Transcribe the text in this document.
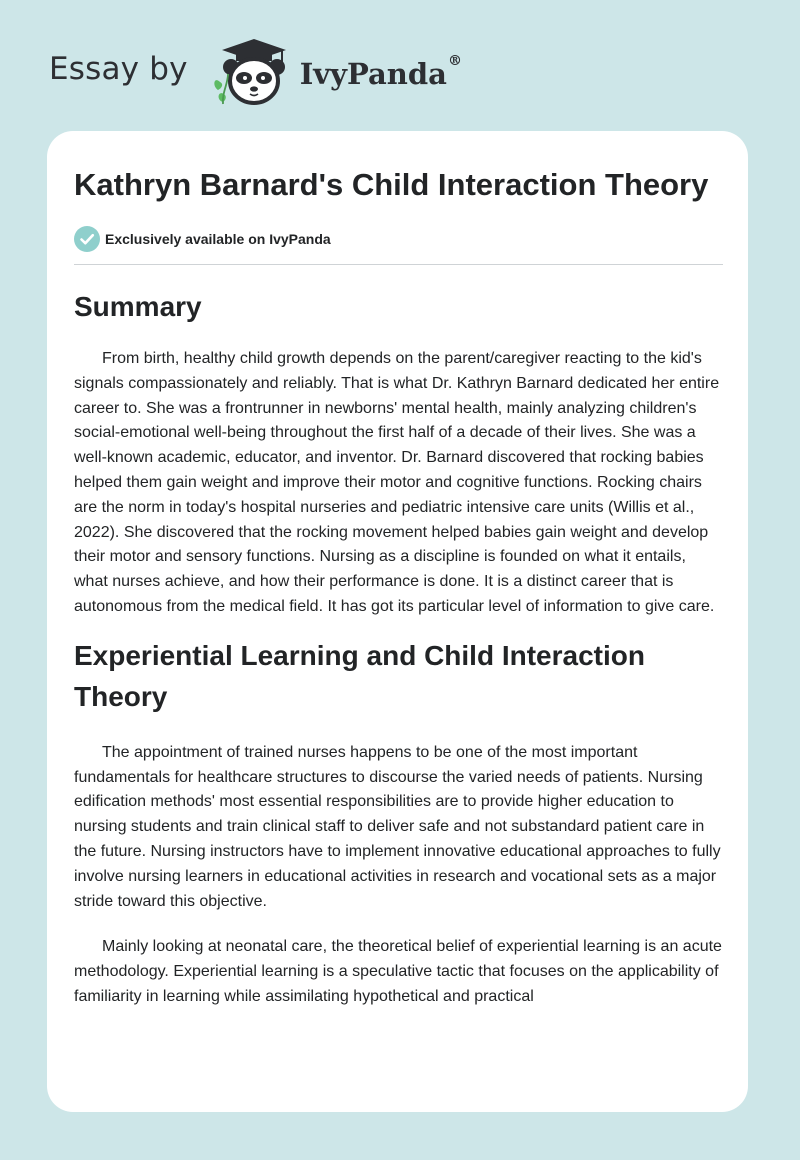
Essay by	IvyPanda®
Kathryn Barnard's Child Interaction Theory
Exclusively available on IvyPanda
Summary

From birth, healthy child growth depends on the parent/caregiver reacting to the kid's signals compassionately and reliably. That is what Dr. Kathryn Barnard dedicated her entire career to. She was a frontrunner in newborns' mental health, mainly analyzing children's social-emotional well-being throughout the first half of a decade of their lives. She was a well-known academic, educator, and inventor. Dr. Barnard discovered that rocking babies helped them gain weight and improve their motor and cognitive functions. Rocking chairs are the norm in today's hospital nurseries and pediatric intensive care units (Willis et al., 2022). She discovered that the rocking movement helped babies gain weight and develop their motor and sensory functions. Nursing as a discipline is founded on what it entails, what nurses achieve, and how their performance is done. It is a distinct career that is autonomous from the medical field. It has got its particular level of information to give care.

Experiential Learning and Child Interaction Theory

The appointment of trained nurses happens to be one of the most important fundamentals for healthcare structures to discourse the varied needs of patients. Nursing edification methods' most essential responsibilities are to provide higher education to nursing students and train clinical staff to deliver safe and not substandard patient care in the future. Nursing instructors have to implement innovative educational approaches to fully involve nursing learners in educational activities in research and vocational sets as a major stride toward this objective.

Mainly looking at neonatal care, the theoretical belief of experiential learning is an acute methodology. Experiential learning is a speculative tactic that focuses on the applicability of familiarity in learning while assimilating hypothetical and practical
